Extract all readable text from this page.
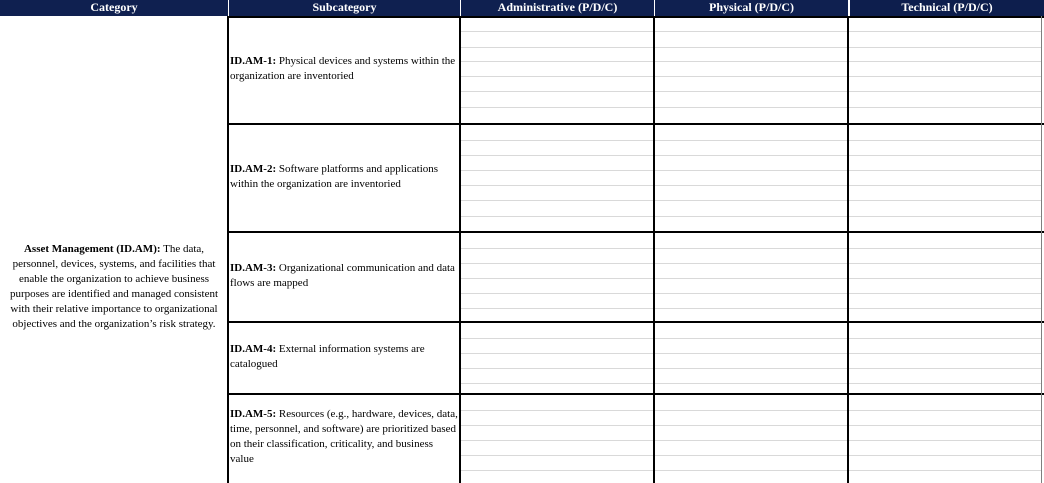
Category	Subcategory	Administrative (P/D/C)	Physical (P/D/C)	Technical (P/D/C)
Asset Management (ID.AM): The data, personnel, devices, systems, and facilities that enable the organization to achieve business purposes are identified and managed consistent with their relative importance to organizational objectives and the organization’s risk strategy.
ID.AM-1: Physical devices and systems within the organization are inventoried
ID.AM-2: Software platforms and applications within the organization are inventoried
ID.AM-3: Organizational communication and data flows are mapped
ID.AM-4: External information systems are catalogued
ID.AM-5: Resources (e.g., hardware, devices, data, time, personnel, and software) are prioritized based on their classification, criticality, and business value
